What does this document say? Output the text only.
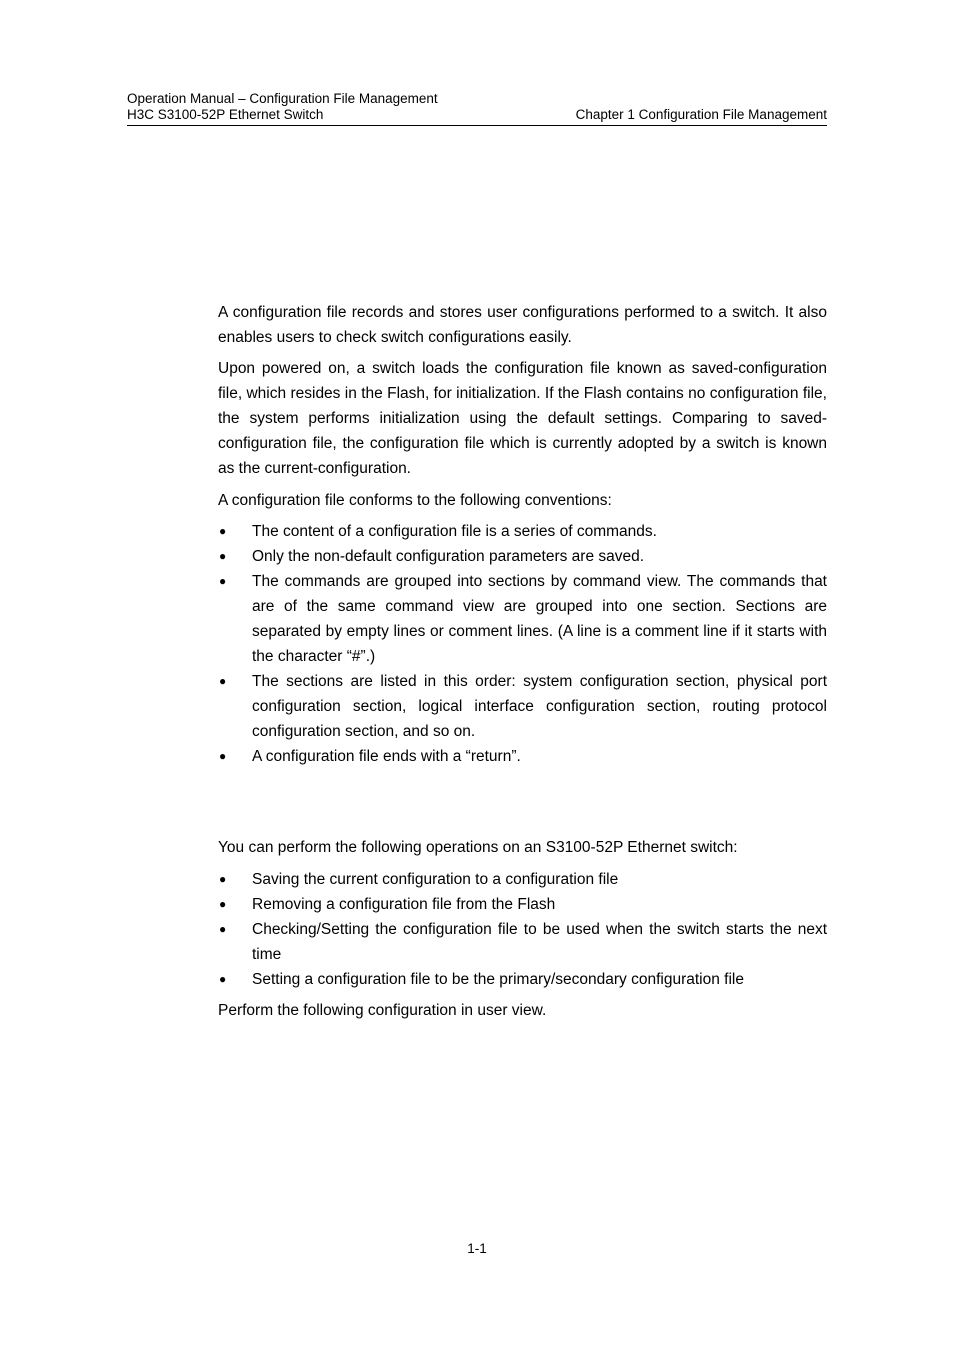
Operation Manual – Configuration File Management
H3C S3100-52P Ethernet Switch	Chapter 1 Configuration File Management

A configuration file records and stores user configurations performed to a switch. It also enables users to check switch configurations easily.

Upon powered on, a switch loads the configuration file known as saved-configuration file, which resides in the Flash, for initialization. If the Flash contains no configuration file, the system performs initialization using the default settings. Comparing to saved-configuration file, the configuration file which is currently adopted by a switch is known as the current-configuration.

A configuration file conforms to the following conventions:

● The content of a configuration file is a series of commands.
● Only the non-default configuration parameters are saved.
● The commands are grouped into sections by command view. The commands that are of the same command view are grouped into one section. Sections are separated by empty lines or comment lines. (A line is a comment line if it starts with the character “#”.)
● The sections are listed in this order: system configuration section, physical port configuration section, logical interface configuration section, routing protocol configuration section, and so on.
● A configuration file ends with a “return”.

You can perform the following operations on an S3100-52P Ethernet switch:

● Saving the current configuration to a configuration file
● Removing a configuration file from the Flash
● Checking/Setting the configuration file to be used when the switch starts the next time
● Setting a configuration file to be the primary/secondary configuration file

Perform the following configuration in user view.

1-1
